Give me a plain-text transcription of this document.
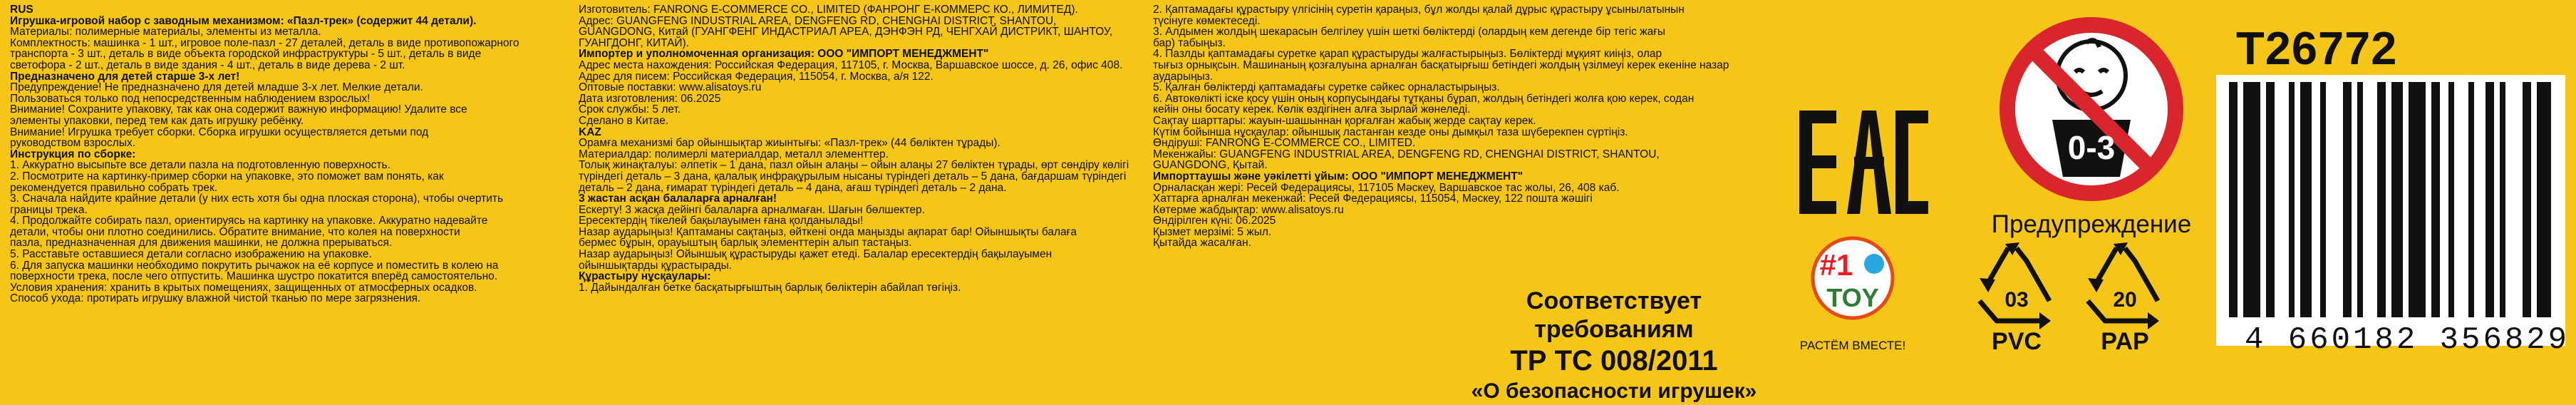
RUS
Игрушка-игровой набор с заводным механизмом: «Пазл-трек» (содержит 44 детали).
Материалы: полимерные материалы, элементы из металла.
Комплектность: машинка - 1 шт., игровое поле-пазл - 27 деталей, деталь в виде противопожарного
транспорта - 3 шт., деталь в виде объекта городской инфраструктуры - 5 шт., деталь в виде
светофора - 2 шт., деталь в виде здания - 4 шт., деталь в виде дерева - 2 шт.
Предназначено для детей старше 3-х лет!
Предупреждение! Не предназначено для детей младше 3-х лет. Мелкие детали.
Пользоваться только под непосредственным наблюдением взрослых!
Внимание! Сохраните упаковку, так как она содержит важную информацию! Удалите все
элементы упаковки, перед тем как дать игрушку ребёнку.
Внимание! Игрушка требует сборки. Сборка игрушки осуществляется детьми под
руководством взрослых.
Инструкция по сборке:
1. Аккуратно высыпьте все детали пазла на подготовленную поверхность.
2. Посмотрите на картинку-пример сборки на упаковке, это поможет вам понять, как
рекомендуется правильно собрать трек.
3. Сначала найдите крайние детали (у них есть хотя бы одна плоская сторона), чтобы очертить
границы трека.
4. Продолжайте собирать пазл, ориентируясь на картинку на упаковке. Аккуратно надевайте
детали, чтобы они плотно соединились. Обратите внимание, что колея на поверхности
пазла, предназначенная для движения машинки, не должна прерываться.
5. Расставьте оставшиеся детали согласно изображению на упаковке.
6. Для запуска машинки необходимо покрутить рычажок на её корпусе и поместить в колею на
поверхности трека, после чего отпустить. Машинка шустро покатится вперёд самостоятельно.
Условия хранения: хранить в крытых помещениях, защищенных от атмосферных осадков.
Способ ухода: протирать игрушку влажной чистой тканью по мере загрязнения.
Изготовитель: FANRONG E-COMMERCE CO., LIMITED (ФАНРОНГ Е-КОММЕРС КО., ЛИМИТЕД).
Адрес: GUANGFENG INDUSTRIAL AREA, DENGFENG RD, CHENGHAI DISTRICT, SHANTOU,
GUANGDONG, Китай (ГУАНГФЕНГ ИНДАСТРИАЛ АРЕА, ДЭНФЭН РД, ЧЕНГХАЙ ДИСТРИКТ, ШАНТОУ,
ГУАНГДОНГ, КИТАЙ).
Импортер и уполномоченная организация: ООО "ИМПОРТ МЕНЕДЖМЕНТ"
Адрес места нахождения: Российская Федерация, 117105, г. Москва, Варшавское шоссе, д. 26, офис 408.
Адрес для писем: Российская Федерация, 115054, г. Москва, а/я 122.
Оптовые поставки: www.alisatoys.ru
Дата изготовления: 06.2025
Срок службы: 5 лет.
Сделано в Китае.
KAZ
Орамға механизмі бар ойыншықтар жиынтығы: «Пазл-трек» (44 бөліктен тұрады).
Материалдар: полимерлі материалдар, металл элементтер.
Толық жинақталуы: әлпетік – 1 дана, пазл ойын алаңы – ойын алаңы 27 бөліктен тұрады, өрт сөндіру көлігі
түріндегі деталь – 3 дана, қалалық инфрақұрылым нысаны түріндегі деталь – 5 дана, бағдаршам түріндегі
деталь – 2 дана, ғимарат түріндегі деталь – 4 дана, ағаш түріндегі деталь – 2 дана.
3 жастан асқан балаларға арналған!
Ескерту! 3 жасқа дейінгі балаларға арналмаған. Шағын бөлшектер.
Ересектердің тікелей бақылауымен ғана қолданылады!
Назар аударыңыз! Қаптаманы сақтаңыз, өйткені онда маңызды ақпарат бар! Ойыншықты балаға
бермес бұрын, орауыштың барлық элементтерін алып тастаңыз.
Назар аударыңыз! Ойыншық құрастыруды қажет етеді. Балалар ересектердің бақылауымен
ойыншықтарды құрастырады.
Құрастыру нұсқаулары:
1. Дайындалған бетке басқатырғыштың барлық бөліктерін абайлап төгіңіз.
2. Қаптамадағы құрастыру үлгісінің суретін қараңыз, бұл жолды қалай дұрыс құрастыру ұсынылатынын
түсінуге көмектеседі.
3. Алдымен жолдың шекарасын белгілеу үшін шеткі бөліктерді (олардың кем дегенде бір тегіс жағы
бар) табыңыз.
4. Пазлды қаптамадағы суретке қарап құрастыруды жалғастырыңыз. Бөліктерді мұқият киіңіз, олар
тығыз орнықсын. Машинаның қозғалуына арналған басқатырғыш бетіндегі жолдың үзілмеуі керек екеніне назар аударыңыз.
5. Қалған бөліктерді қаптамадағы суретке сәйкес орналастырыңыз.
6. Автокөлікті іске қосу үшін оның корпусындағы тұтқаны бұрап, жолдың бетіндегі жолға қою керек, содан
кейін оны босату керек. Көлік өздігінен алға зырлай жөнеледі.
Сақтау шарттары: жауын-шашыннан қорғалған жабық жерде сақтау керек.
Күтім бойынша нұсқаулар: ойыншық ластанған кезде оны дымқыл таза шүберекпен сүртіңіз.
Өндіруші: FANRONG E-COMMERCE CO., LIMITED.
Мекенжайы: GUANGFENG INDUSTRIAL AREA, DENGFENG RD, CHENGHAI DISTRICT, SHANTOU,
GUANGDONG, Қытай.
Импорттаушы және уәкілетті ұйым: ООО "ИМПОРТ МЕНЕДЖМЕНТ"
Орналасқан жері: Ресей Федерациясы, 117105 Мәскеу, Варшавское тас жолы, 26, 408 каб.
Хаттарға арналған мекенжай: Ресей Федерациясы, 115054, Мәскеу, 122 пошта жәшігі
Көтерме жабдықтар: www.alisatoys.ru
Өндірілген күні: 06.2025
Қызмет мерзімі: 5 жыл.
Қытайда жасалған.
Соответствует требованиям
ТР ТС 008/2011
«О безопасности игрушек»
0-3
Предупреждение
T26772
#1
TOY
РАСТЁМ ВМЕСТЕ!
03
PVC
20
PAP	4 660182 356829
